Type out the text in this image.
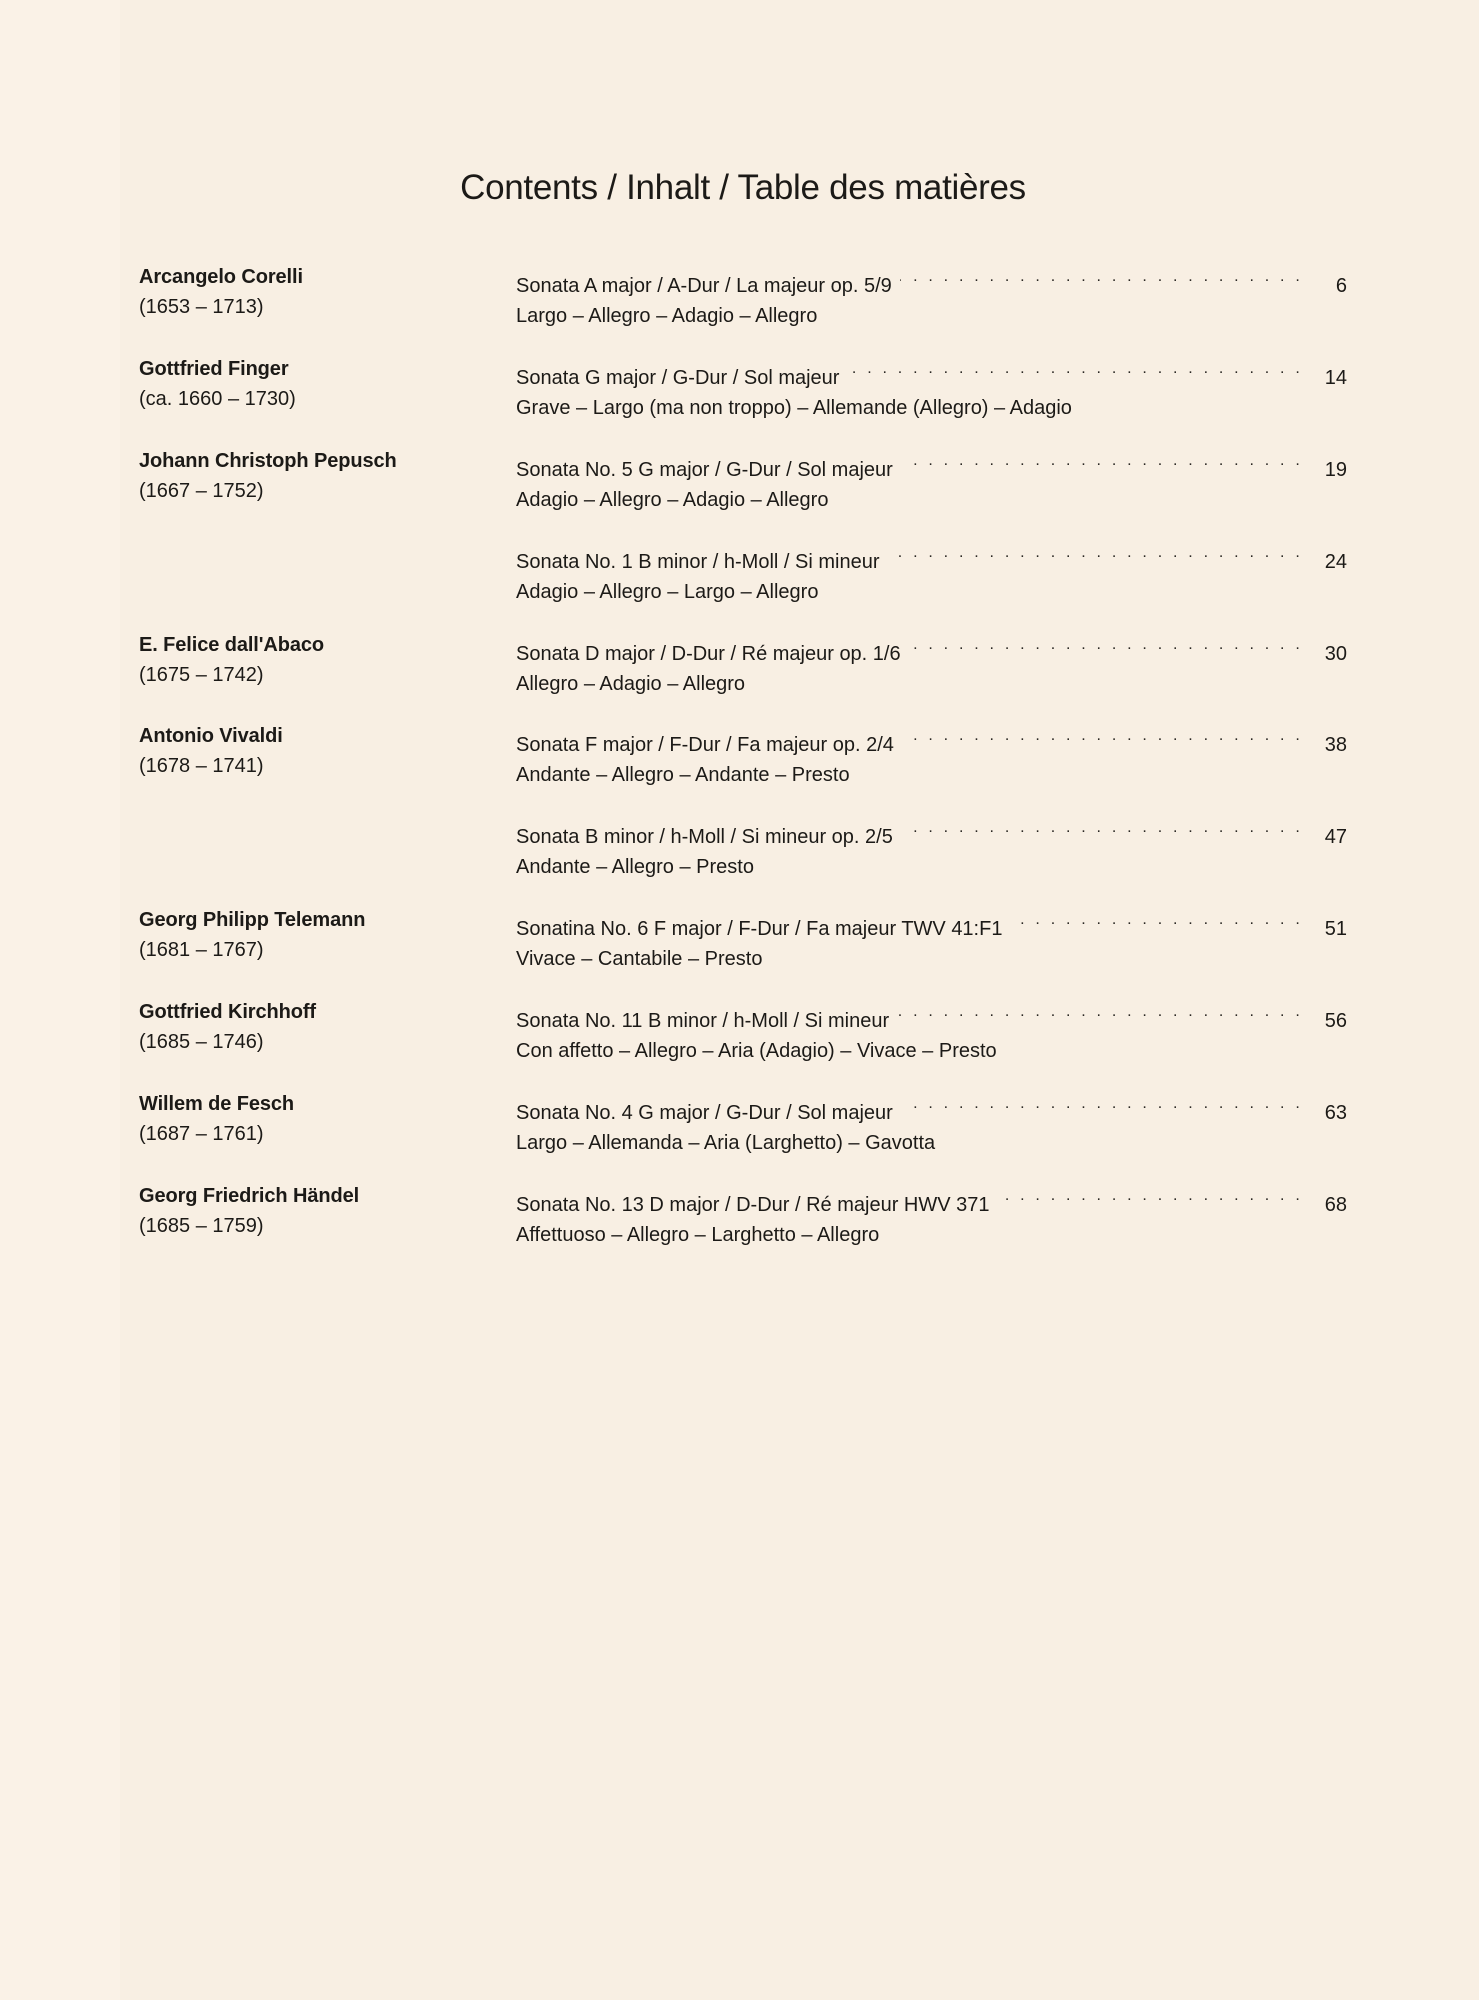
Contents / Inhalt / Table des matières
Arcangelo Corelli
(1653 – 1713)
Sonata A major / A-Dur / La majeur op. 5/9 . . .	6
Largo – Allegro – Adagio – Allegro
Gottfried Finger
(ca. 1660 – 1730)
Sonata G major / G-Dur / Sol majeur . . .	14
Grave – Largo (ma non troppo) – Allemande (Allegro) – Adagio
Johann Christoph Pepusch
(1667 – 1752)
Sonata No. 5 G major / G-Dur / Sol majeur . . .	19
Adagio – Allegro – Adagio – Allegro
Sonata No. 1 B minor / h-Moll / Si mineur . . .	24
Adagio – Allegro – Largo – Allegro
E. Felice dall'Abaco
(1675 – 1742)
Sonata D major / D-Dur / Ré majeur op. 1/6 . . .	30
Allegro – Adagio – Allegro
Antonio Vivaldi
(1678 – 1741)
Sonata F major / F-Dur / Fa majeur op. 2/4 . . .	38
Andante – Allegro – Andante – Presto
Sonata B minor / h-Moll / Si mineur op. 2/5 . . .	47
Andante – Allegro – Presto
Georg Philipp Telemann
(1681 – 1767)
Sonatina No. 6 F major / F-Dur / Fa majeur TWV 41:F1 . . .	51
Vivace – Cantabile – Presto
Gottfried Kirchhoff
(1685 – 1746)
Sonata No. 11 B minor / h-Moll / Si mineur . . .	56
Con affetto – Allegro – Aria (Adagio) – Vivace – Presto
Willem de Fesch
(1687 – 1761)
Sonata No. 4 G major / G-Dur / Sol majeur . . .	63
Largo – Allemanda – Aria (Larghetto) – Gavotta
Georg Friedrich Händel
(1685 – 1759)
Sonata No. 13 D major / D-Dur / Ré majeur HWV 371 . . .	68
Affettuoso – Allegro – Larghetto – Allegro
